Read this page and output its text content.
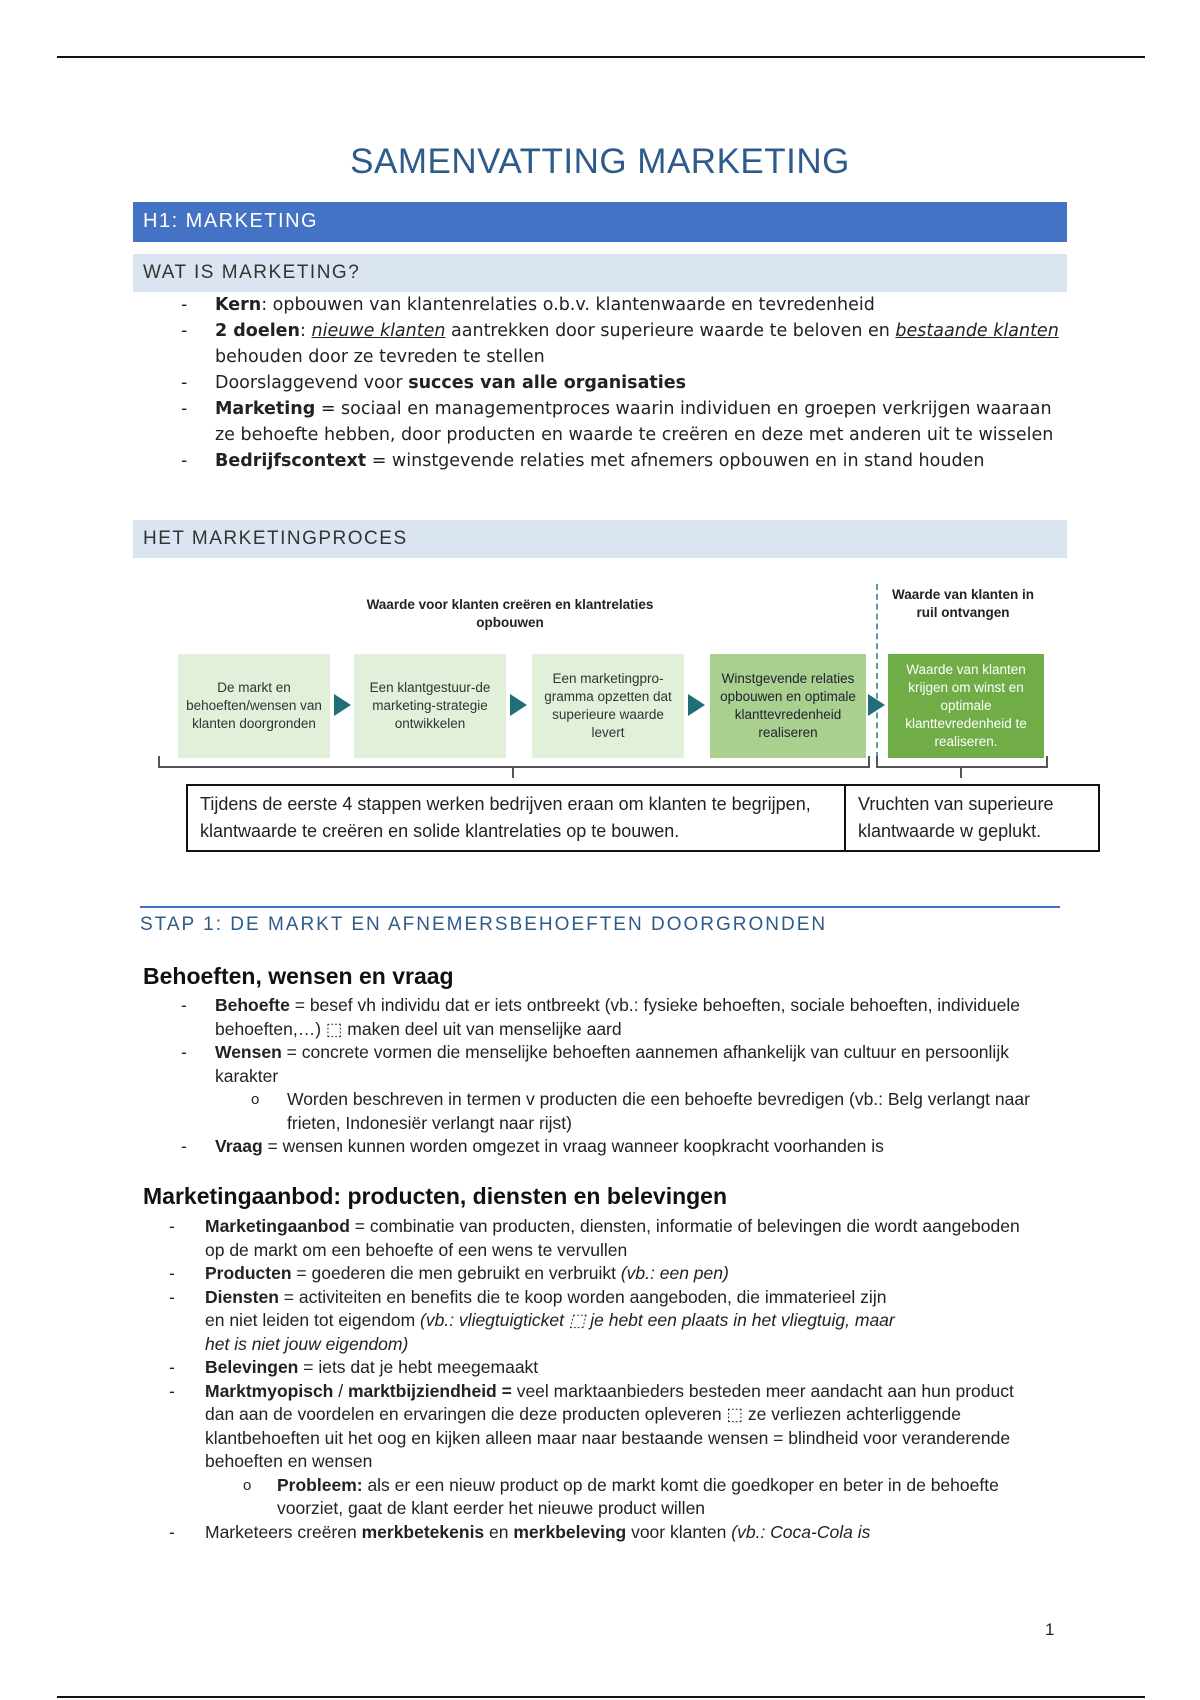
SAMENVATTING MARKETING
H1: MARKETING
WAT IS MARKETING?
- Kern: opbouwen van klantenrelaties o.b.v. klantenwaarde en tevredenheid
- 2 doelen: nieuwe klanten aantrekken door superieure waarde te beloven en bestaande klanten behouden door ze tevreden te stellen
- Doorslaggevend voor succes van alle organisaties
- Marketing = sociaal en managementproces waarin individuen en groepen verkrijgen waaraan ze behoefte hebben, door producten en waarde te creëren en deze met anderen uit te wisselen
- Bedrijfscontext = winstgevende relaties met afnemers opbouwen en in stand houden
HET MARKETINGPROCES
Waarde voor klanten creëren en klantrelaties opbouwen
Waarde van klanten in ruil ontvangen
De markt en behoeften/wensen van klanten doorgronden
Een klantgestuur-de marketing-strategie ontwikkelen
Een marketingpro-gramma opzetten dat superieure waarde levert
Winstgevende relaties opbouwen en optimale klanttevredenheid realiseren
Waarde van klanten krijgen om winst en optimale klanttevredenheid te realiseren.
Tijdens de eerste 4 stappen werken bedrijven eraan om klanten te begrijpen, klantwaarde te creëren en solide klantrelaties op te bouwen.
Vruchten van superieure klantwaarde w geplukt.
STAP 1: DE MARKT EN AFNEMERSBEHOEFTEN DOORGRONDEN
Behoeften, wensen en vraag
- Behoefte = besef vh individu dat er iets ontbreekt (vb.: fysieke behoeften, sociale behoeften, individuele behoeften,…) ⬚ maken deel uit van menselijke aard
- Wensen = concrete vormen die menselijke behoeften aannemen afhankelijk van cultuur en persoonlijk karakter
o Worden beschreven in termen v producten die een behoefte bevredigen (vb.: Belg verlangt naar frieten, Indonesiër verlangt naar rijst)
- Vraag = wensen kunnen worden omgezet in vraag wanneer koopkracht voorhanden is
Marketingaanbod: producten, diensten en belevingen
- Marketingaanbod = combinatie van producten, diensten, informatie of belevingen die wordt aangeboden op de markt om een behoefte of een wens te vervullen
- Producten = goederen die men gebruikt en verbruikt (vb.: een pen)
- Diensten = activiteiten en benefits die te koop worden aangeboden, die immaterieel zijn en niet leiden tot eigendom (vb.: vliegtuigticket ⬚ je hebt een plaats in het vliegtuig, maar het is niet jouw eigendom)
- Belevingen = iets dat je hebt meegemaakt
- Marktmyopisch / marktbijziendheid = veel marktaanbieders besteden meer aandacht aan hun product dan aan de voordelen en ervaringen die deze producten opleveren ⬚ ze verliezen achterliggende klantbehoeften uit het oog en kijken alleen maar naar bestaande wensen = blindheid voor veranderende behoeften en wensen
o Probleem: als er een nieuw product op de markt komt die goedkoper en beter in de behoefte voorziet, gaat de klant eerder het nieuwe product willen
- Marketeers creëren merkbetekenis en merkbeleving voor klanten (vb.: Coca-Cola is
1
